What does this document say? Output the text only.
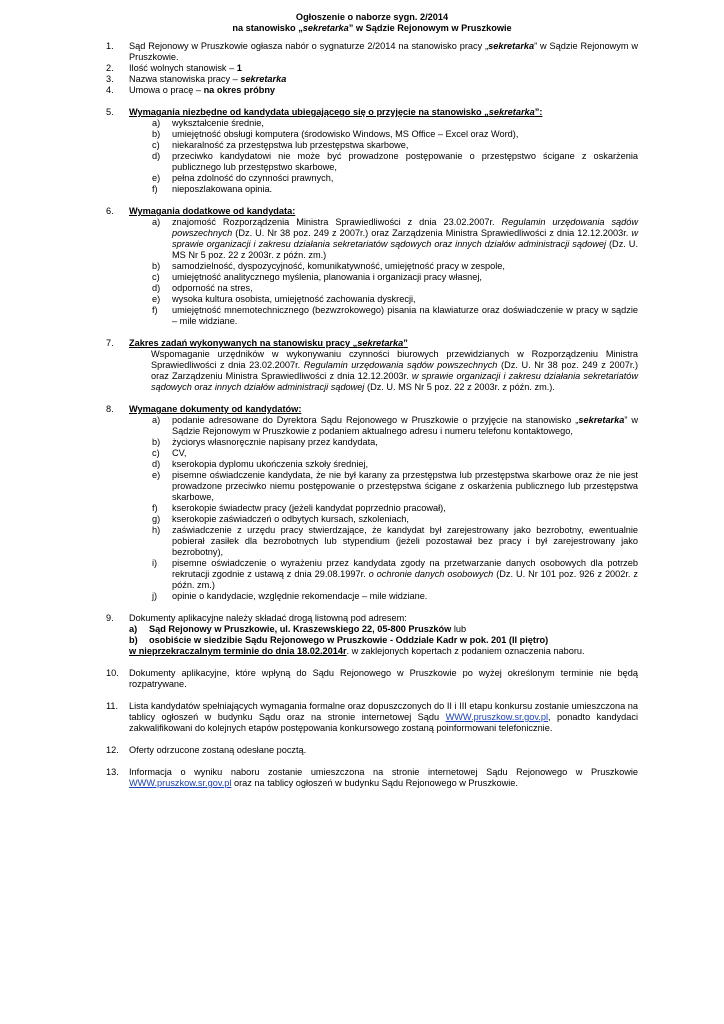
Ogłoszenie o naborze sygn. 2/2014

na stanowisko „sekretarka” w Sądzie Rejonowym w Pruszkowie

1. Sąd Rejonowy w Pruszkowie ogłasza nabór o sygnaturze 2/2014 na stanowisko pracy „sekretarka” w Sądzie Rejonowym w Pruszkowie.
2. Ilość wolnych stanowisk – 1
3. Nazwa stanowiska pracy – sekretarka
4. Umowa o pracę – na okres próbny
5. Wymagania niezbędne od kandydata ubiegającego się o przyjęcie na stanowisko „sekretarka”:
a) wykształcenie średnie,
b) umiejętność obsługi komputera (środowisko Windows, MS Office – Excel oraz Word),
c) niekaralność za przestępstwa lub przestępstwa skarbowe,
d) przeciwko kandydatowi nie może być prowadzone postępowanie o przestępstwo ścigane z oskarżenia publicznego lub przestępstwo skarbowe,
e) pełna zdolność do czynności prawnych,
f) nieposzlakowana opinia.
6. Wymagania dodatkowe od kandydata:
a) znajomość Rozporządzenia Ministra Sprawiedliwości z dnia 23.02.2007r. Regulamin urzędowania sądów powszechnych (Dz. U. Nr 38 poz. 249 z 2007r.) oraz Zarządzenia Ministra Sprawiedliwości z dnia 12.12.2003r. w sprawie organizacji i zakresu działania sekretariatów sądowych oraz innych działów administracji sądowej (Dz. U. MS Nr 5 poz. 22 z 2003r. z późn. zm.)
b) samodzielność, dyspozycyjność, komunikatywność, umiejętność pracy w zespole,
c) umiejętność analitycznego myślenia, planowania i organizacji pracy własnej,
d) odporność na stres,
e) wysoka kultura osobista, umiejętność zachowania dyskrecji,
f) umiejętność mnemotechnicznego (bezwzrokowego) pisania na klawiaturze oraz doświadczenie w pracy w sądzie – mile widziane.
7. Zakres zadań wykonywanych na stanowisku pracy „sekretarka”
Wspomaganie urzędników w wykonywaniu czynności biurowych przewidzianych w Rozporządzeniu Ministra Sprawiedliwości z dnia 23.02.2007r. Regulamin urzędowania sądów powszechnych (Dz. U. Nr 38 poz. 249 z 2007r.) oraz Zarządzeniu Ministra Sprawiedliwości z dnia 12.12.2003r. w sprawie organizacji i zakresu działania sekretariatów sądowych oraz innych działów administracji sądowej (Dz. U. MS Nr 5 poz. 22 z 2003r. z późn. zm.).
8. Wymagane dokumenty od kandydatów:
a) podanie adresowane do Dyrektora Sądu Rejonowego w Pruszkowie o przyjęcie na stanowisko „sekretarka” w Sądzie Rejonowym w Pruszkowie z podaniem aktualnego adresu i numeru telefonu kontaktowego,
b) życiorys własnoręcznie napisany przez kandydata,
c) CV,
d) kserokopia dyplomu ukończenia szkoły średniej,
e) pisemne oświadczenie kandydata, że nie był karany za przestępstwa lub przestępstwa skarbowe oraz że nie jest prowadzone przeciwko niemu postępowanie o przestępstwa ścigane z oskarżenia publicznego lub przestępstwa skarbowe,
f) kserokopie świadectw pracy (jeżeli kandydat poprzednio pracował),
g) kserokopie zaświadczeń o odbytych kursach, szkoleniach,
h) zaświadczenie z urzędu pracy stwierdzające, że kandydat był zarejestrowany jako bezrobotny, ewentualnie pobierał zasiłek dla bezrobotnych lub stypendium (jeżeli pozostawał bez pracy i był zarejestrowany jako bezrobotny),
i) pisemne oświadczenie o wyrażeniu przez kandydata zgody na przetwarzanie danych osobowych dla potrzeb rekrutacji zgodnie z ustawą z dnia 29.08.1997r. o ochronie danych osobowych (Dz. U. Nr 101 poz. 926 z 2002r. z późn. zm.)
j) opinie o kandydacie, względnie rekomendacje – mile widziane.
9. Dokumenty aplikacyjne należy składać drogą listowną pod adresem:
a) Sąd Rejonowy w Pruszkowie, ul. Kraszewskiego 22, 05-800 Pruszków lub
b) osobiście w siedzibie Sądu Rejonowego w Pruszkowie - Oddziale Kadr w pok. 201 (II piętro)
w nieprzekraczalnym terminie do dnia 18.02.2014r. w zaklejonych kopertach z podaniem oznaczenia naboru.
10. Dokumenty aplikacyjne, które wpłyną do Sądu Rejonowego w Pruszkowie po wyżej określonym terminie nie będą rozpatrywane.
11. Lista kandydatów spełniających wymagania formalne oraz dopuszczonych do II i III etapu konkursu zostanie umieszczona na tablicy ogłoszeń w budynku Sądu oraz na stronie internetowej Sądu WWW.pruszkow.sr.gov.pl, ponadto kandydaci zakwalifikowani do kolejnych etapów postępowania konkursowego zostaną poinformowani telefonicznie.
12. Oferty odrzucone zostaną odesłane pocztą.
13. Informacja o wyniku naboru zostanie umieszczona na stronie internetowej Sądu Rejonowego w Pruszkowie WWW.pruszkow.sr.gov.pl oraz na tablicy ogłoszeń w budynku Sądu Rejonowego w Pruszkowie.
